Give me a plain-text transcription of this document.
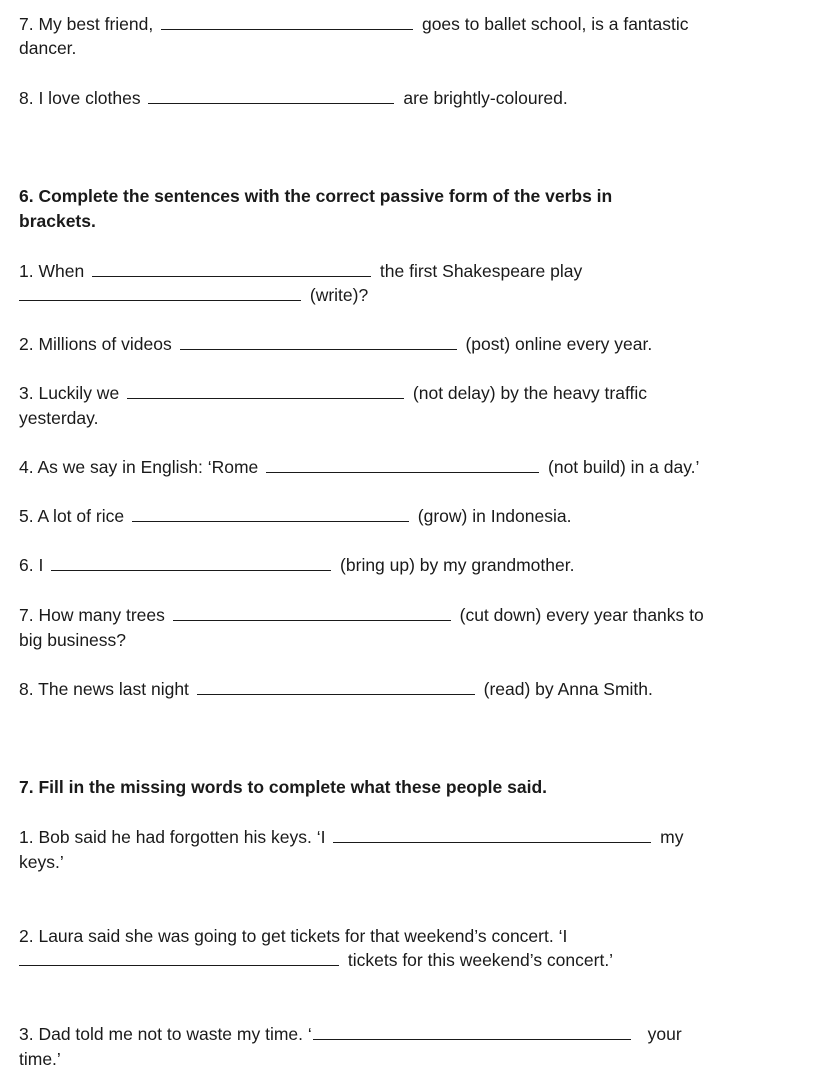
7. My best friend,	goes to ballet school, is a fantastic
dancer.
8. I love clothes	are brightly-coloured.
6. Complete the sentences with the correct passive form of the verbs in
brackets.
1. When	the first Shakespeare play
(write)?
2. Millions of videos	(post) online every year.
3. Luckily we	(not delay) by the heavy traffic
yesterday.
4. As we say in English: ‘Rome	(not build) in a day.’
5. A lot of rice	(grow) in Indonesia.
6. I	(bring up) by my grandmother.
7. How many trees	(cut down) every year thanks to
big business?
8. The news last night	(read) by Anna Smith.
7. Fill in the missing words to complete what these people said.
1. Bob said he had forgotten his keys. ‘I	my
keys.’
2. Laura said she was going to get tickets for that weekend’s concert. ‘I
tickets for this weekend’s concert.’
3. Dad told me not to waste my time. ‘	your
time.’
